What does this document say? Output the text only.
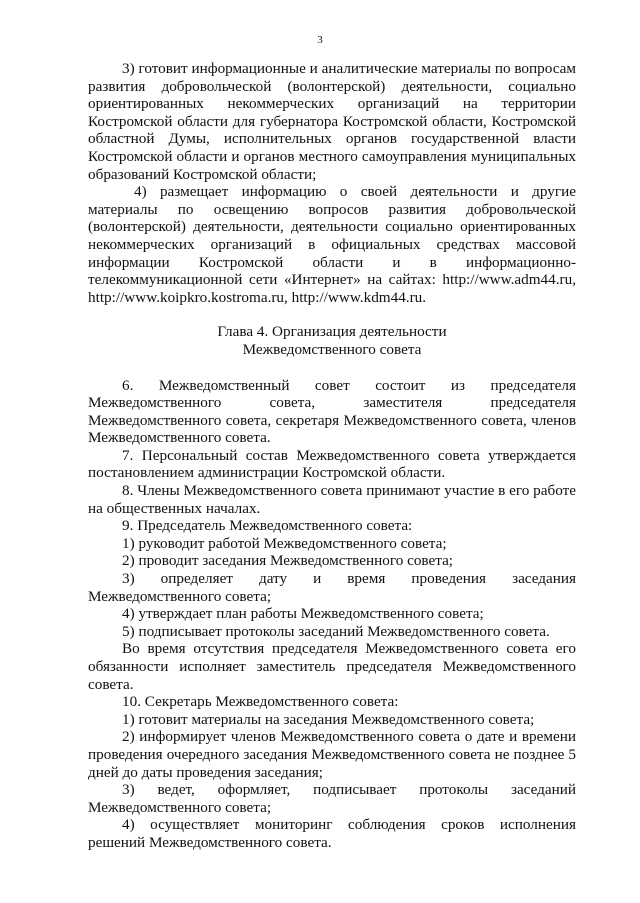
3

3) готовит информационные и аналитические материалы по вопросам развития добровольческой (волонтерской) деятельности, социально ориентированных некоммерческих организаций на территории Костромской области для губернатора Костромской области, Костромской областной Думы, исполнительных органов государственной власти Костромской области и органов местного самоуправления муниципальных образований Костромской области;

4) размещает информацию о своей деятельности и другие материалы по освещению вопросов развития добровольческой (волонтерской) деятельности, деятельности социально ориентированных некоммерческих организаций в официальных средствах массовой информации Костромской области и в информационно-телекоммуникационной сети «Интернет» на сайтах: http://www.adm44.ru, http://www.koipkro.kostroma.ru, http://www.kdm44.ru.

Глава 4. Организация деятельности

Межведомственного совета

6. Межведомственный совет состоит из председателя Межведомственного совета, заместителя председателя Межведомственного совета, секретаря Межведомственного совета, членов Межведомственного совета.

7. Персональный состав Межведомственного совета утверждается постановлением администрации Костромской области.

8. Члены Межведомственного совета принимают участие в его работе на общественных началах.

9. Председатель Межведомственного совета:

1) руководит работой Межведомственного совета;

2) проводит заседания Межведомственного совета;

3) определяет дату и время проведения заседания Межведомственного совета;

4) утверждает план работы Межведомственного совета;

5) подписывает протоколы заседаний Межведомственного совета.

Во время отсутствия председателя Межведомственного совета его обязанности исполняет заместитель председателя Межведомственного совета.

10. Секретарь Межведомственного совета:

1) готовит материалы на заседания Межведомственного совета;

2) информирует членов Межведомственного совета о дате и времени проведения очередного заседания Межведомственного совета не позднее 5 дней до даты проведения заседания;

3) ведет, оформляет, подписывает протоколы заседаний Межведомственного совета;

4) осуществляет мониторинг соблюдения сроков исполнения решений Межведомственного совета.
